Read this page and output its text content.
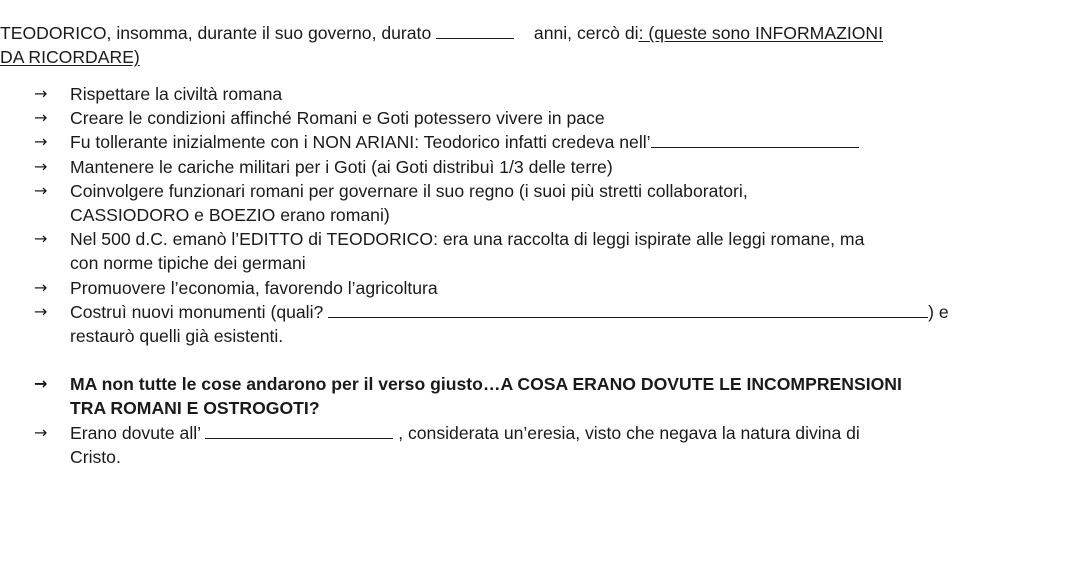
TEODORICO, insomma, durante il suo governo, durato	anni, cercò di: (queste sono INFORMAZIONI
DA RICORDARE)
→	Rispettare la civiltà romana
→	Creare le condizioni affinché Romani e Goti potessero vivere in pace
→	Fu tollerante inizialmente con i NON ARIANI: Teodorico infatti credeva nell’
→	Mantenere le cariche militari per i Goti (ai Goti distribuì 1/3 delle terre)
→	Coinvolgere funzionari romani per governare il suo regno (i suoi più stretti collaboratori,
CASSIODORO e BOEZIO erano romani)
→	Nel 500 d.C. emanò l’EDITTO di TEODORICO: era una raccolta di leggi ispirate alle leggi romane, ma
con norme tipiche dei germani
→	Promuovere l’economia, favorendo l’agricoltura
→	Costruì nuovi monumenti (quali?	) e
restaurò quelli già esistenti.
→	MA non tutte le cose andarono per il verso giusto…A COSA ERANO DOVUTE LE INCOMPRENSIONI
TRA ROMANI E OSTROGOTI?
→	Erano dovute all’	, considerata un’eresia, visto che negava la natura divina di
Cristo.
